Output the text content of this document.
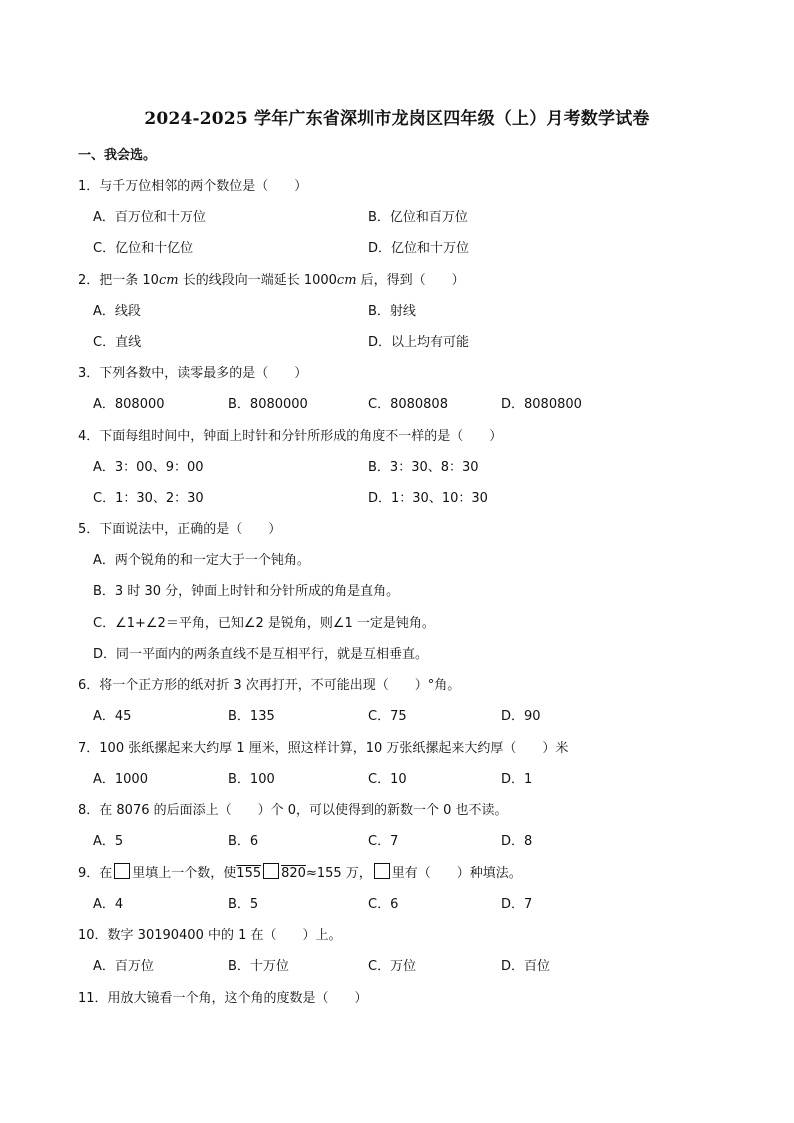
2024-2025 学年广东省深圳市龙岗区四年级（上）月考数学试卷
一、我会选。
1．与千万位相邻的两个数位是（　　）
A．百万位和十万位	B．亿位和百万位
C．亿位和十亿位	D．亿位和十万位
2．把一条 10cm 长的线段向一端延长 1000cm 后，得到（　　）
A．线段	B．射线
C．直线	D．以上均有可能
3．下列各数中，读零最多的是（　　）
A．808000	B．8080000	C．8080808	D．8080800
4．下面每组时间中，钟面上时针和分针所形成的角度不一样的是（　　）
A．3：00、9：00	B．3：30、8：30
C．1：30、2：30	D．1：30、10：30
5．下面说法中，正确的是（　　）
A．两个锐角的和一定大于一个钝角。
B．3 时 30 分，钟面上时针和分针所成的角是直角。
C．∠1+∠2＝平角，已知∠2 是锐角，则∠1 一定是钝角。
D．同一平面内的两条直线不是互相平行，就是互相垂直。
6．将一个正方形的纸对折 3 次再打开，不可能出现（　　）°角。
A．45	B．135	C．75	D．90
7．100 张纸摞起来大约厚 1 厘米，照这样计算，10 万张纸摞起来大约厚（　　）米
A．1000	B．100	C．10	D．1
8．在 8076 的后面添上（　　）个 0，可以使得到的新数一个 0 也不读。
A．5	B．6	C．7	D．8
9．在 里填上一个数，使155 820≈155 万， 里有（　　）种填法。
A．4	B．5	C．6	D．7
10．数字 30190400 中的 1 在（　　）上。
A．百万位	B．十万位	C．万位	D．百位
11．用放大镜看一个角，这个角的度数是（　　）
